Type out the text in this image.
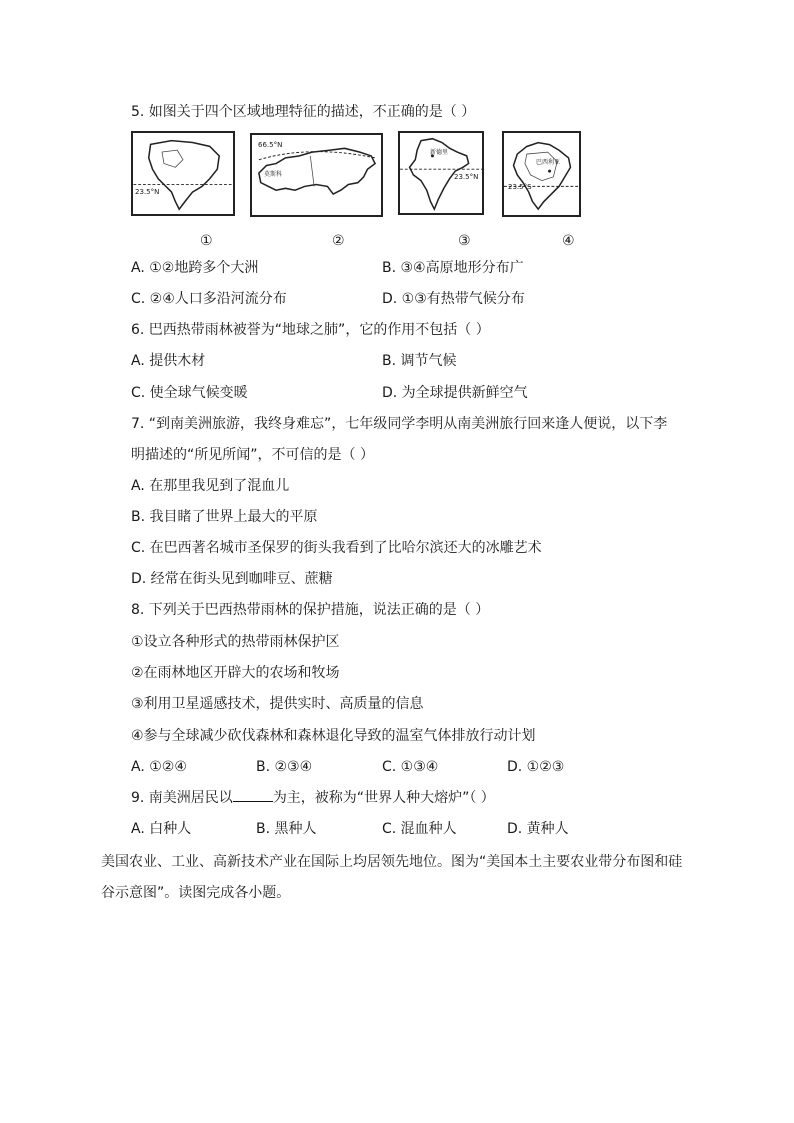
5. 如图关于四个区域地理特征的描述，不正确的是（ ）
23.5°N
66.5°N
莫斯科
新德里
23.5°N
巴西利亚
23.5°S
①	②	③	④
A. ①②地跨多个大洲	B. ③④高原地形分布广
C. ②④人口多沿河流分布	D. ①③有热带气候分布
6. 巴西热带雨林被誉为“地球之肺”，它的作用不包括（ ）
A. 提供木材	B. 调节气候
C. 使全球气候变暖	D. 为全球提供新鲜空气
7. “到南美洲旅游，我终身难忘”，七年级同学李明从南美洲旅行回来逢人便说，以下李
明描述的“所见所闻”，不可信的是（ ）
A. 在那里我见到了混血儿
B. 我目睹了世界上最大的平原
C. 在巴西著名城市圣保罗的街头我看到了比哈尔滨还大的冰雕艺术
D. 经常在街头见到咖啡豆、蔗糖
8. 下列关于巴西热带雨林的保护措施，说法正确的是（ ）
①设立各种形式的热带雨林保护区
②在雨林地区开辟大的农场和牧场
③利用卫星遥感技术，提供实时、高质量的信息
④参与全球减少砍伐森林和森林退化导致的温室气体排放行动计划
A. ①②④	B. ②③④	C. ①③④	D. ①②③
9. 南美洲居民以	为主，被称为“世界人种大熔炉”（ ）
A. 白种人	B. 黑种人	C. 混血种人	D. 黄种人
美国农业、工业、高新技术产业在国际上均居领先地位。图为“美国本土主要农业带分布图和硅
谷示意图”。读图完成各小题。
